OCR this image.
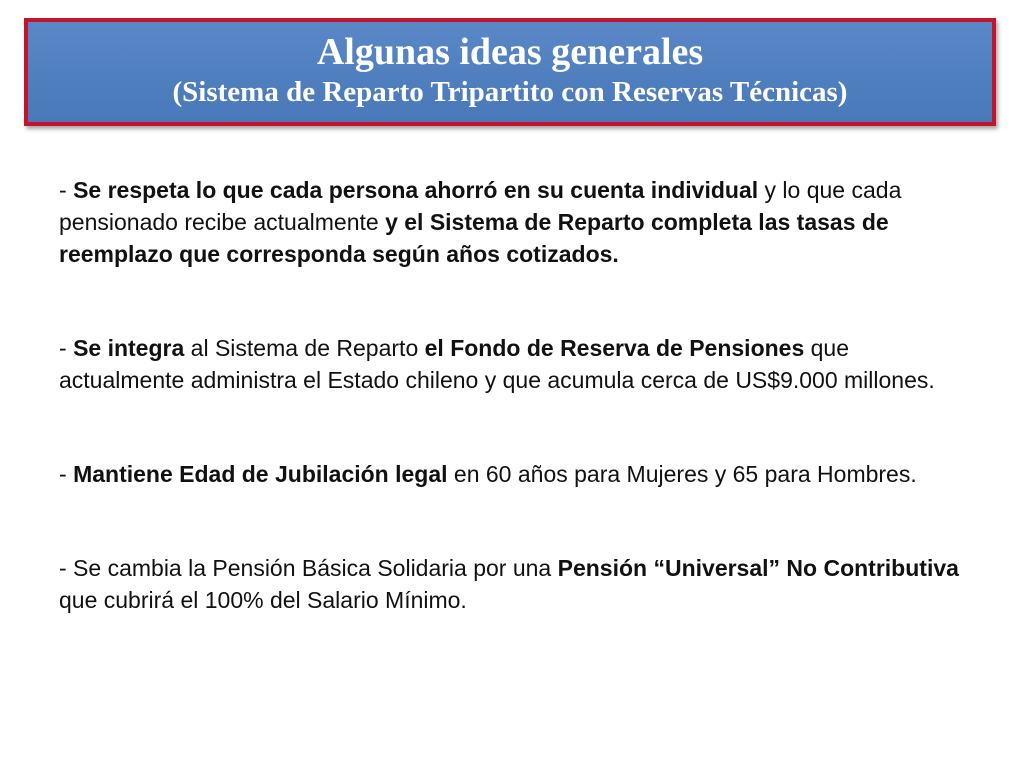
Algunas ideas generales
(Sistema de Reparto Tripartito con Reservas Técnicas)

- Se respeta lo que cada persona ahorró en su cuenta individual y lo que cada pensionado recibe actualmente y el Sistema de Reparto completa las tasas de reemplazo que corresponda según años cotizados.

- Se integra al Sistema de Reparto el Fondo de Reserva de Pensiones que actualmente administra el Estado chileno y que acumula cerca de US$9.000 millones.

- Mantiene Edad de Jubilación legal en 60 años para Mujeres y 65 para Hombres.

- Se cambia la Pensión Básica Solidaria por una Pensión “Universal” No Contributiva que cubrirá el 100% del Salario Mínimo.
